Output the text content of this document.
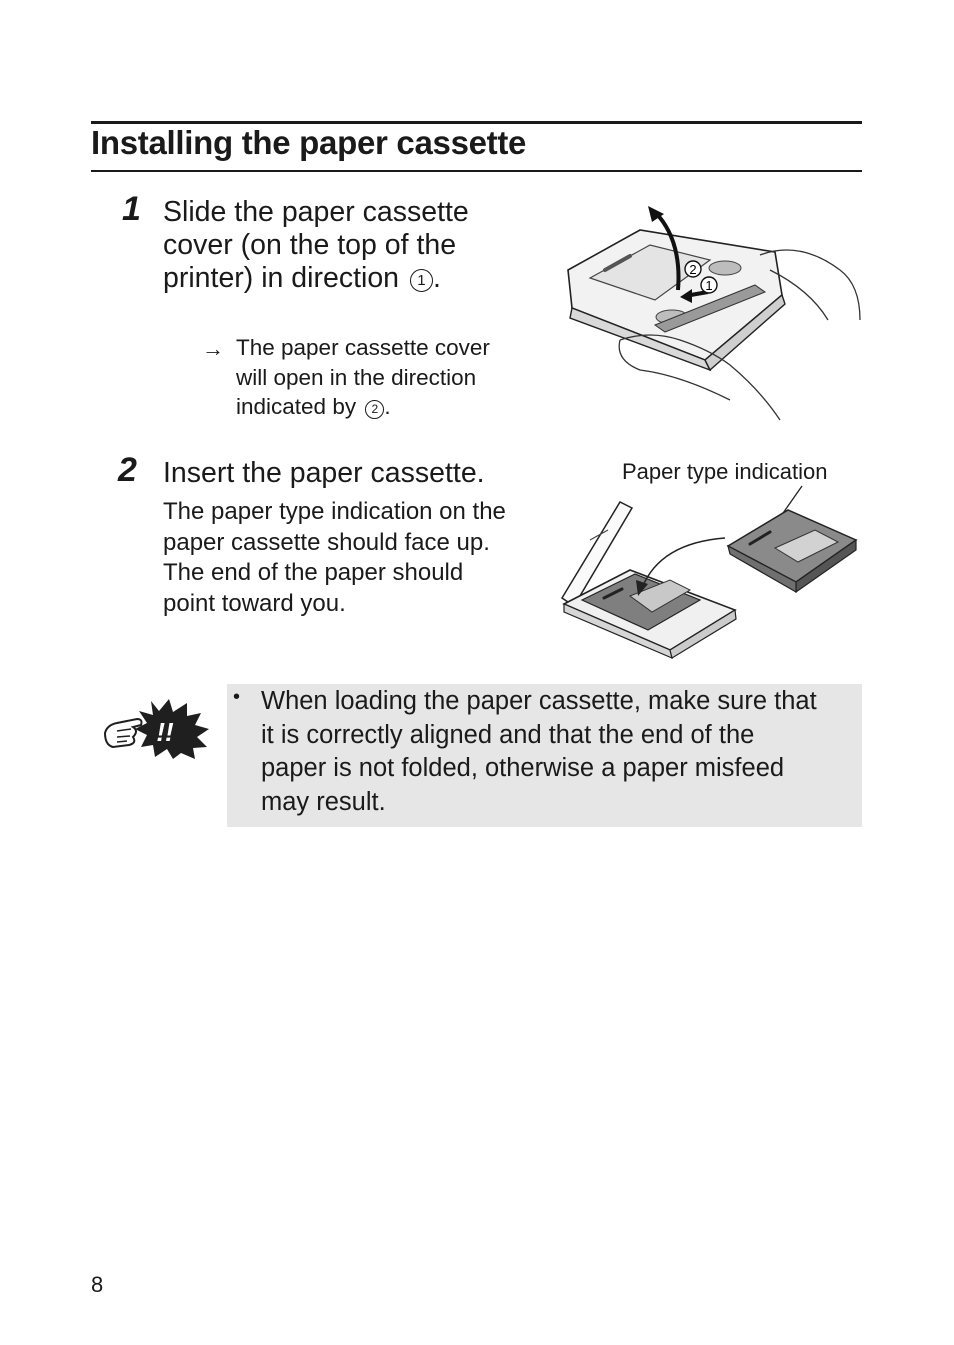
Installing the paper cassette
1 Slide the paper cassette
cover (on the top of the
printer) in direction 1 .
→ The paper cassette cover
will open in the direction
indicated by 2 .
2
1
2 Insert the paper cassette.
The paper type indication on the
paper cassette should face up.
The end of the paper should
point toward you.
Paper type indication
!!
• When loading the paper cassette, make sure that
it is correctly aligned and that the end of the
paper is not folded, otherwise a paper misfeed
may result.
8
